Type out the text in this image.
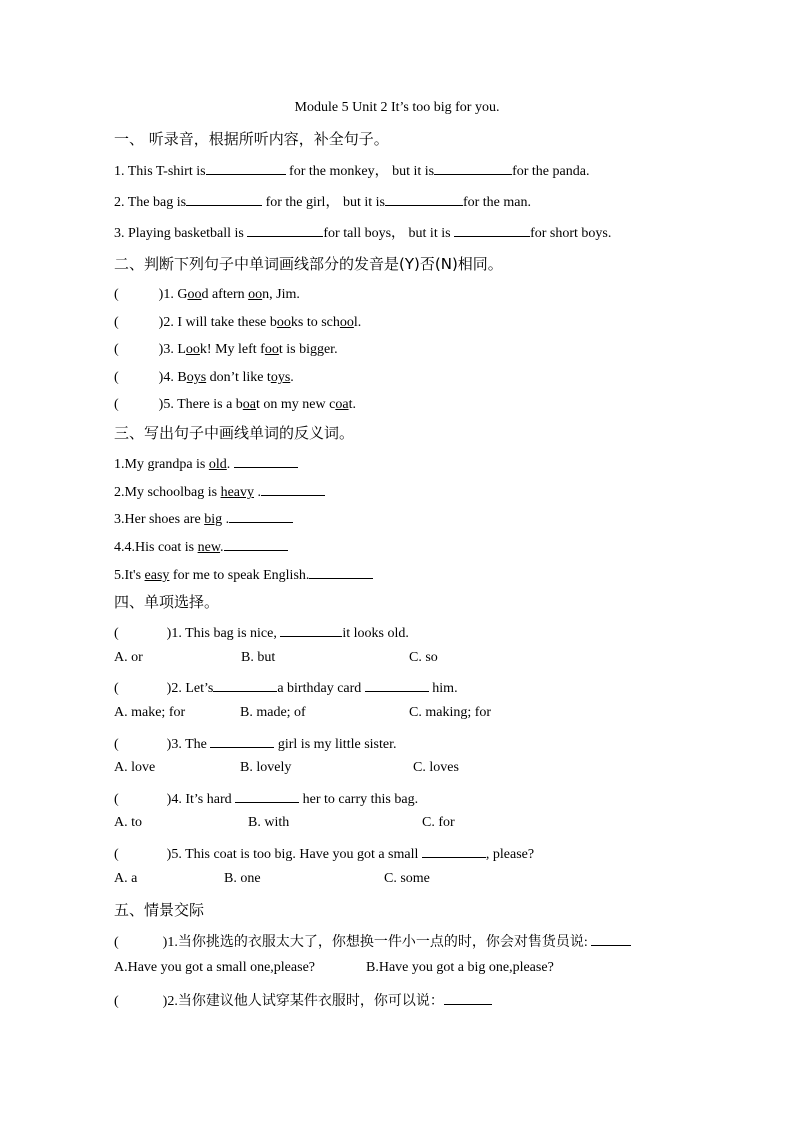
Module 5 Unit 2 It’s too big for you.
一、 听录音，根据所听内容，补全句子。
1. This T-shirt is	for the monkey， but it is	for the panda.
2. The bag is	for the girl， but it is	for the man.
3. Playing basketball is	for tall boys， but it is	for short boys.
二、判断下列句子中单词画线部分的发音是(Y)否(N)相同。
(	)1. Good aftern oon, Jim.
(	)2. I will take these books to school.
(	)3. Look! My left foot is bigger.
(	)4. Boys don’t like toys.
(	)5. There is a boat on my new coat.
三、写出句子中画线单词的反义词。
1.My grandpa is old.
2.My schoolbag is heavy .
3.Her shoes are big .
4.4.His coat is new.
5.It's easy for me to speak English.
四、单项选择。
(	)1. This bag is nice,	it looks old.
A. or	B. but	C. so
(	)2. Let’s	a birthday card	him.
A. make; for	B. made; of	C. making; for
(	)3. The	girl is my little sister.
A. love	B. lovely	C. loves
(	)4. It’s hard	her to carry this bag.
A. to	B. with	C. for
(	)5. This coat is too big. Have you got a small	, please?
A. a	B. one	C. some
五、情景交际
(	)1.当你挑选的衣服太大了，你想换一件小一点的时，你会对售货员说:
A.Have you got a small one,please?	B.Have you got a big one,please?
(	)2.当你建议他人试穿某件衣服时，你可以说：
